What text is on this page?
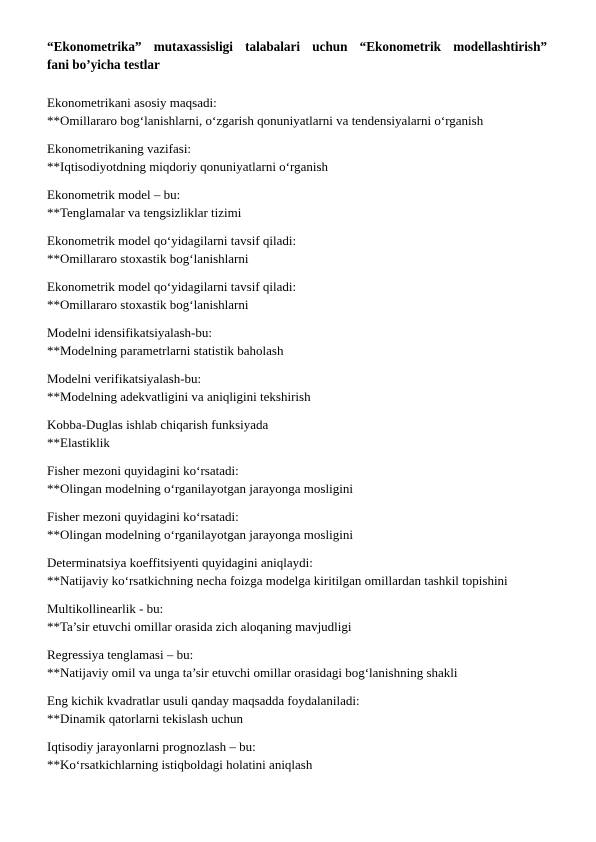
“Ekonometrika” mutaxassisligi talabalari uchun “Ekonometrik modellashtirish”
fani boʼyicha testlar
Ekonometrikani asosiy maqsadi:
**Omillararo bog‘lanishlarni, o‘zgarish qonuniyatlarni va tendensiyalarni o‘rganish
Ekonometrikaning vazifasi:
**Iqtisodiyotdning miqdoriy qonuniyatlarni o‘rganish
Ekonometrik model – bu:
**Tenglamalar va tengsizliklar tizimi
Ekonometrik model qo‘yidagilarni tavsif qiladi:
**Omillararo stoxastik bog‘lanishlarni
Ekonometrik model qo‘yidagilarni tavsif qiladi:
**Omillararo stoxastik bog‘lanishlarni
Modelni idensifikatsiyalash-bu:
**Modelning parametrlarni statistik baholash
Modelni verifikatsiyalash-bu:
**Modelning adekvatligini va aniqligini tekshirish
Kobba-Duglas ishlab chiqarish funksiyada
**Elastiklik
Fisher mezoni quyidagini ko‘rsatadi:
**Olingan modelning o‘rganilayotgan jarayonga mosligini
Fisher mezoni quyidagini ko‘rsatadi:
**Olingan modelning o‘rganilayotgan jarayonga mosligini
Determinatsiya koeffitsiyenti quyidagini aniqlaydi:
**Natijaviy ko‘rsatkichning necha foizga modelga kiritilgan omillardan tashkil topishini
Multikollinearlik - bu:
**Ta’sir etuvchi omillar orasida zich aloqaning mavjudligi
Regressiya tenglamasi – bu:
**Natijaviy omil va unga ta’sir etuvchi omillar orasidagi bog‘lanishning shakli
Eng kichik kvadratlar usuli qanday maqsadda foydalaniladi:
**Dinamik qatorlarni tekislash uchun
Iqtisodiy jarayonlarni prognozlash – bu:
**Ko‘rsatkichlarning istiqboldagi holatini aniqlash
